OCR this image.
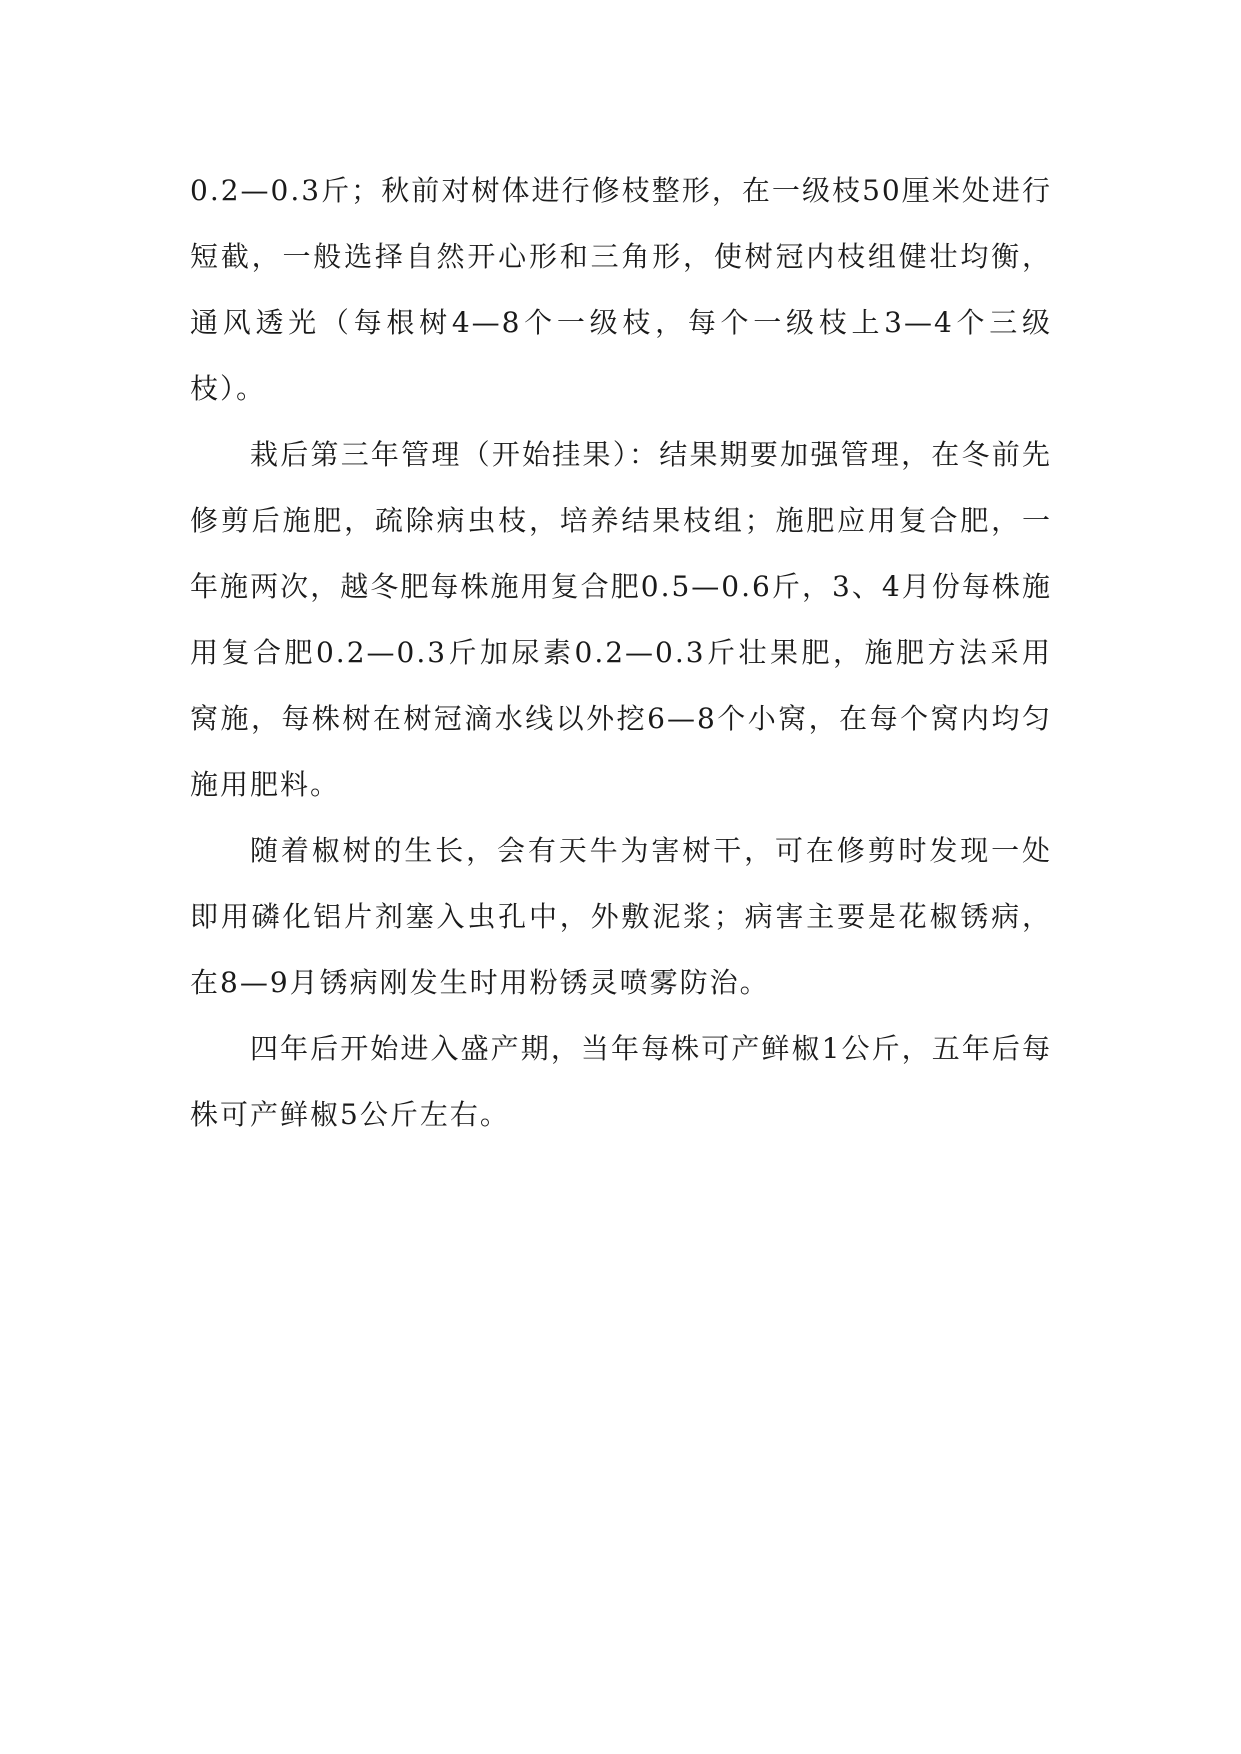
0.2—0.3斤；秋前对树体进行修枝整形，在一级枝50厘米处进行短截，一般选择自然开心形和三角形，使树冠内枝组健壮均衡，通风透光（每根树4—8个一级枝，每个一级枝上3—4个三级枝）。

栽后第三年管理（开始挂果）：结果期要加强管理，在冬前先修剪后施肥，疏除病虫枝，培养结果枝组；施肥应用复合肥，一年施两次，越冬肥每株施用复合肥0.5—0.6斤，3、4月份每株施用复合肥0.2—0.3斤加尿素0.2—0.3斤壮果肥，施肥方法采用窝施，每株树在树冠滴水线以外挖6—8个小窝，在每个窝内均匀施用肥料。

随着椒树的生长，会有天牛为害树干，可在修剪时发现一处即用磷化铝片剂塞入虫孔中，外敷泥浆；病害主要是花椒锈病，在8—9月锈病刚发生时用粉锈灵喷雾防治。

四年后开始进入盛产期，当年每株可产鲜椒1公斤，五年后每株可产鲜椒5公斤左右。
